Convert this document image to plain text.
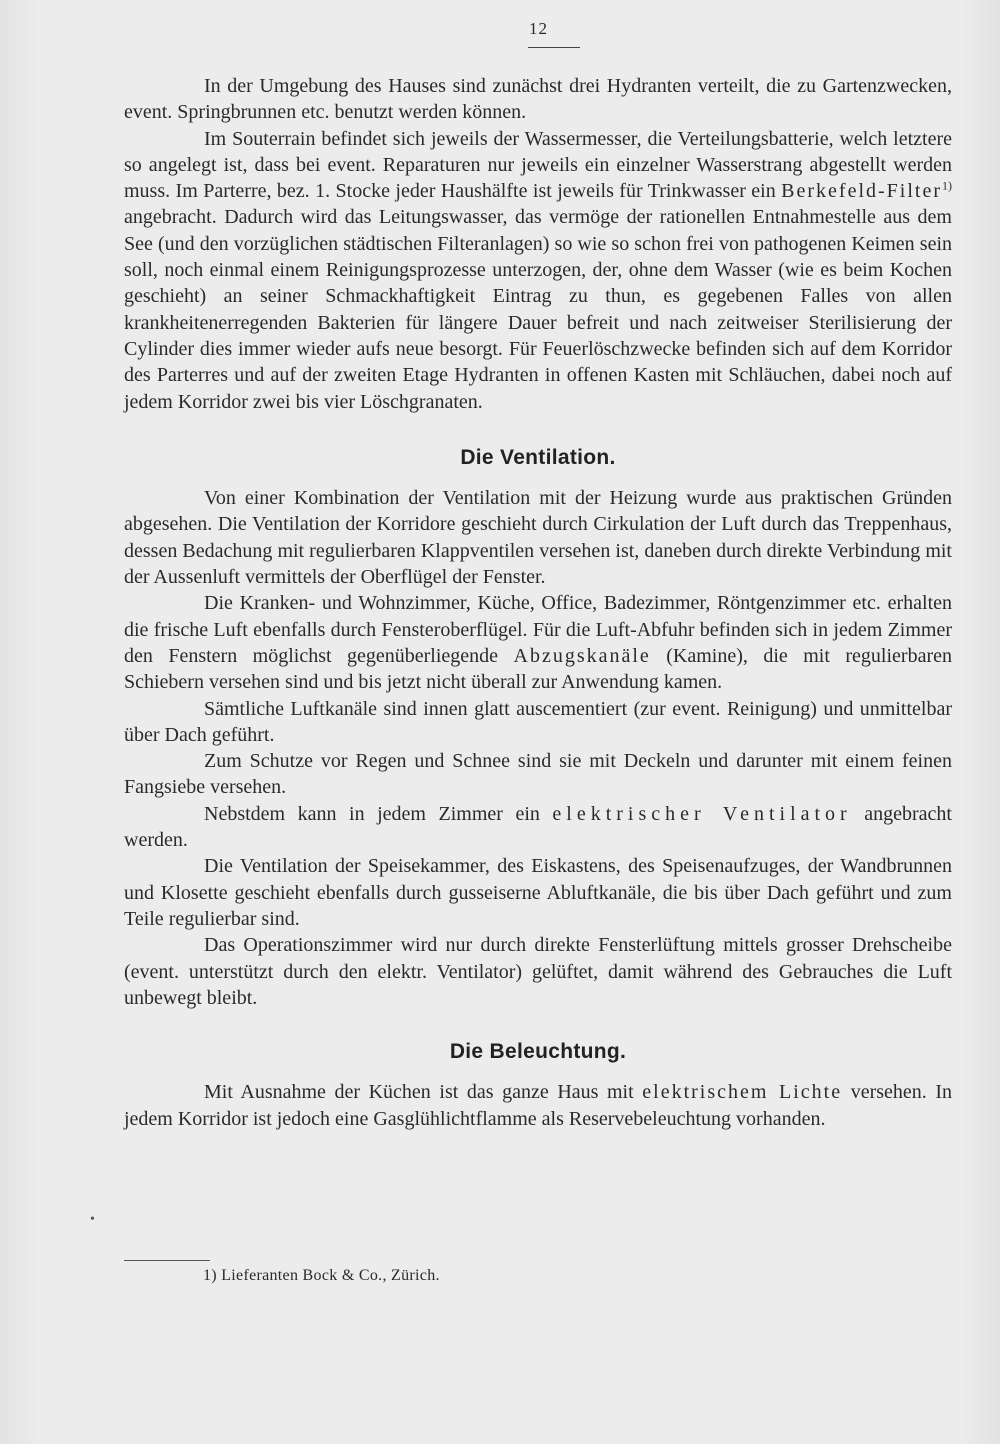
12

In der Umgebung des Hauses sind zunächst drei Hydranten verteilt, die zu Gartenzwecken, event. Springbrunnen etc. benutzt werden können.

Im Souterrain befindet sich jeweils der Wassermesser, die Verteilungsbatterie, welch letztere so angelegt ist, dass bei event. Reparaturen nur jeweils ein einzelner Wasserstrang abgestellt werden muss. Im Parterre, bez. 1. Stocke jeder Haushälfte ist jeweils für Trinkwasser ein Berkefeld-Filter$^{1)}$ angebracht. Dadurch wird das Leitungswasser, das vermöge der rationellen Entnahmestelle aus dem See (und den vorzüglichen städtischen Filteranlagen) so wie so schon frei von pathogenen Keimen sein soll, noch einmal einem Reinigungsprozesse unterzogen, der, ohne dem Wasser (wie es beim Kochen geschieht) an seiner Schmackhaftigkeit Eintrag zu thun, es gegebenen Falles von allen krankheitenerregenden Bakterien für längere Dauer befreit und nach zeitweiser Sterilisierung der Cylinder dies immer wieder aufs neue besorgt. Für Feuerlöschzwecke befinden sich auf dem Korridor des Parterres und auf der zweiten Etage Hydranten in offenen Kasten mit Schläuchen, dabei noch auf jedem Korridor zwei bis vier Löschgranaten.

Die Ventilation.

Von einer Kombination der Ventilation mit der Heizung wurde aus praktischen Gründen abgesehen. Die Ventilation der Korridore geschieht durch Cirkulation der Luft durch das Treppenhaus, dessen Bedachung mit regulierbaren Klappventilen versehen ist, daneben durch direkte Verbindung mit der Aussenluft vermittels der Oberflügel der Fenster.

Die Kranken- und Wohnzimmer, Küche, Office, Badezimmer, Röntgenzimmer etc. erhalten die frische Luft ebenfalls durch Fensteroberflügel. Für die Luft-Abfuhr befinden sich in jedem Zimmer den Fenstern möglichst gegenüberliegende Abzugskanäle (Kamine), die mit regulierbaren Schiebern versehen sind und bis jetzt nicht überall zur Anwendung kamen.

Sämtliche Luftkanäle sind innen glatt auscementiert (zur event. Reinigung) und unmittelbar über Dach geführt.

Zum Schutze vor Regen und Schnee sind sie mit Deckeln und darunter mit einem feinen Fangsiebe versehen.

Nebstdem kann in jedem Zimmer ein elektrischer Ventilator angebracht werden.

Die Ventilation der Speisekammer, des Eiskastens, des Speisenaufzuges, der Wandbrunnen und Klosette geschieht ebenfalls durch gusseiserne Abluftkanäle, die bis über Dach geführt und zum Teile regulierbar sind.

Das Operationszimmer wird nur durch direkte Fensterlüftung mittels grosser Drehscheibe (event. unterstützt durch den elektr. Ventilator) gelüftet, damit während des Gebrauches die Luft unbewegt bleibt.

Die Beleuchtung.

Mit Ausnahme der Küchen ist das ganze Haus mit elektrischem Lichte versehen. In jedem Korridor ist jedoch eine Gasglühlichtflamme als Reservebeleuchtung vorhanden.

•
1) Lieferanten Bock & Co., Zürich.
